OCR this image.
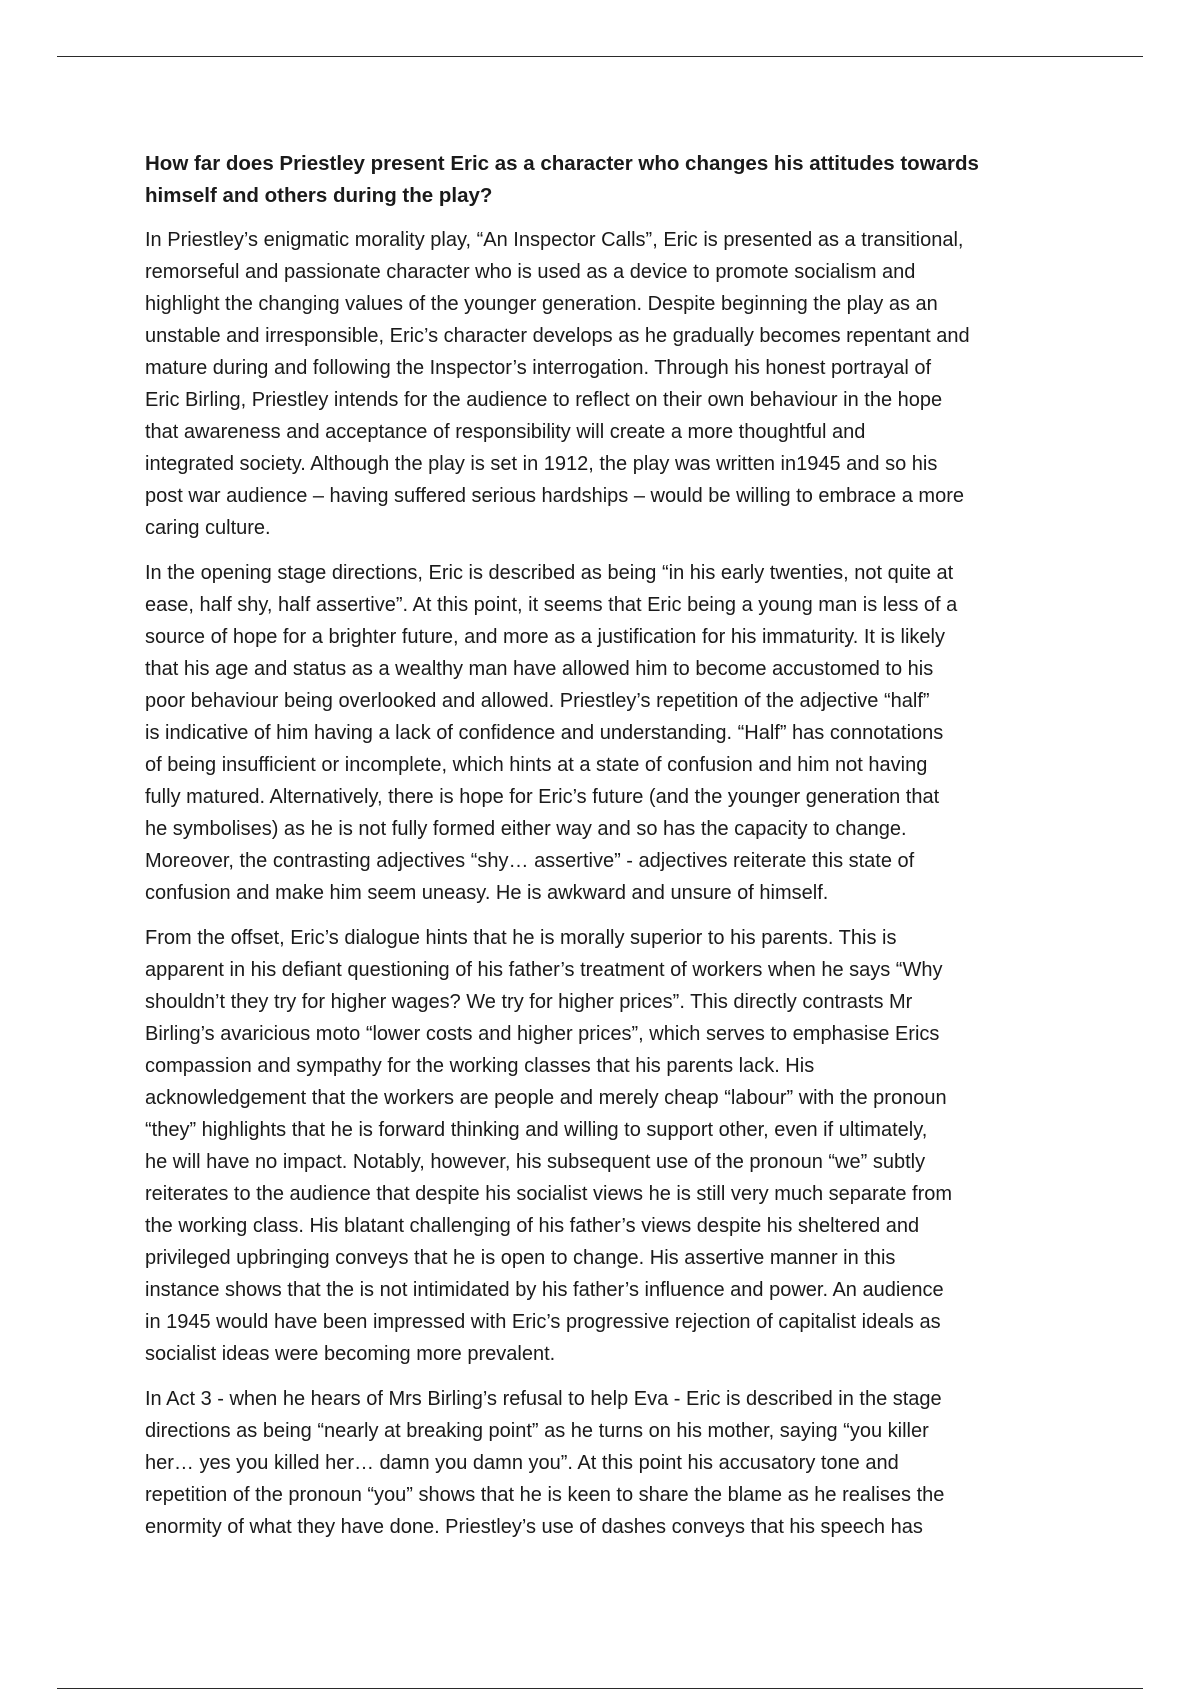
How far does Priestley present Eric as a character who changes his attitudes towards
himself and others during the play?
In Priestley’s enigmatic morality play, “An Inspector Calls”, Eric is presented as a transitional,
remorseful and passionate character who is used as a device to promote socialism and
highlight the changing values of the younger generation. Despite beginning the play as an
unstable and irresponsible, Eric’s character develops as he gradually becomes repentant and
mature during and following the Inspector’s interrogation. Through his honest portrayal of
Eric Birling, Priestley intends for the audience to reflect on their own behaviour in the hope
that awareness and acceptance of responsibility will create a more thoughtful and
integrated society. Although the play is set in 1912, the play was written in1945 and so his
post war audience – having suffered serious hardships – would be willing to embrace a more
caring culture.
In the opening stage directions, Eric is described as being “in his early twenties, not quite at
ease, half shy, half assertive”. At this point, it seems that Eric being a young man is less of a
source of hope for a brighter future, and more as a justification for his immaturity. It is likely
that his age and status as a wealthy man have allowed him to become accustomed to his
poor behaviour being overlooked and allowed. Priestley’s repetition of the adjective “half”
is indicative of him having a lack of confidence and understanding. “Half” has connotations
of being insufficient or incomplete, which hints at a state of confusion and him not having
fully matured. Alternatively, there is hope for Eric’s future (and the younger generation that
he symbolises) as he is not fully formed either way and so has the capacity to change.
Moreover, the contrasting adjectives “shy… assertive” - adjectives reiterate this state of
confusion and make him seem uneasy. He is awkward and unsure of himself.
From the offset, Eric’s dialogue hints that he is morally superior to his parents. This is
apparent in his defiant questioning of his father’s treatment of workers when he says “Why
shouldn’t they try for higher wages? We try for higher prices”. This directly contrasts Mr
Birling’s avaricious moto “lower costs and higher prices”, which serves to emphasise Erics
compassion and sympathy for the working classes that his parents lack. His
acknowledgement that the workers are people and merely cheap “labour” with the pronoun
“they” highlights that he is forward thinking and willing to support other, even if ultimately,
he will have no impact. Notably, however, his subsequent use of the pronoun “we” subtly
reiterates to the audience that despite his socialist views he is still very much separate from
the working class. His blatant challenging of his father’s views despite his sheltered and
privileged upbringing conveys that he is open to change. His assertive manner in this
instance shows that the is not intimidated by his father’s influence and power. An audience
in 1945 would have been impressed with Eric’s progressive rejection of capitalist ideals as
socialist ideas were becoming more prevalent.
In Act 3 - when he hears of Mrs Birling’s refusal to help Eva - Eric is described in the stage
directions as being “nearly at breaking point” as he turns on his mother, saying “you killer
her… yes you killed her… damn you damn you”. At this point his accusatory tone and
repetition of the pronoun “you” shows that he is keen to share the blame as he realises the
enormity of what they have done. Priestley’s use of dashes conveys that his speech has
